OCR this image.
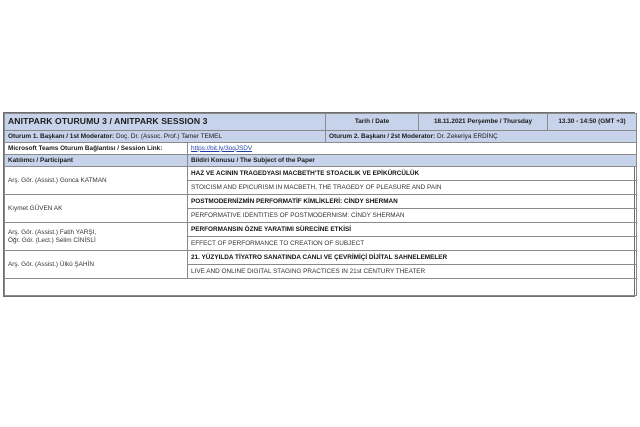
ANITPARK OTURUMU 3 / ANITPARK SESSION 3		Tarih / Date	18.11.2021 Perşembe / Thursday	13.30 - 14:50 (GMT +3)
Oturum 1. Başkanı / 1st Moderator: Doç. Dr. (Assoc. Prof.) Tamer TEMEL		Oturum 2. Başkanı / 2st Moderator: Dr. Zekeriya ERDİNÇ		
Microsoft Teams Oturum Bağlantısı / Session Link:	https://bit.ly/3oqJSDV			
Katılımcı / Participant	Bildiri Konusu / The Subject of the Paper			
Arş. Gör. (Assist.) Gonca KATMAN	HAZ VE ACININ TRAGEDYASI MACBETH'TE STOACILIK VE EPİKÜRCÜLÜK			
	STOICISM AND EPICURISM IN MACBETH, THE TRAGEDY OF PLEASURE AND PAIN			
Kıymet GÜVEN AK	POSTMODERNİZMİN PERFORMATİF KİMLİKLERİ: CİNDY SHERMAN			
	PERFORMATIVE IDENTITIES OF POSTMODERNISM: CİNDY SHERMAN			
Arş. Gör. (Assist.) Fatih YARŞI,
Öğr. Gör. (Lect.) Selim CİNİSLİ	PERFORMANSIN ÖZNE YARATIMI SÜRECİNE ETKİSİ			
	EFFECT OF PERFORMANCE TO CREATION OF SUBJECT			
Arş. Gör. (Assist.) Ülkü ŞAHİN	21. YÜZYILDA TİYATRO SANATINDA CANLI VE ÇEVRİMİÇİ DİJİTAL SAHNELEMELER			
	LIVE AND ONLINE DIGITAL STAGING PRACTICES IN 21st CENTURY THEATER			
